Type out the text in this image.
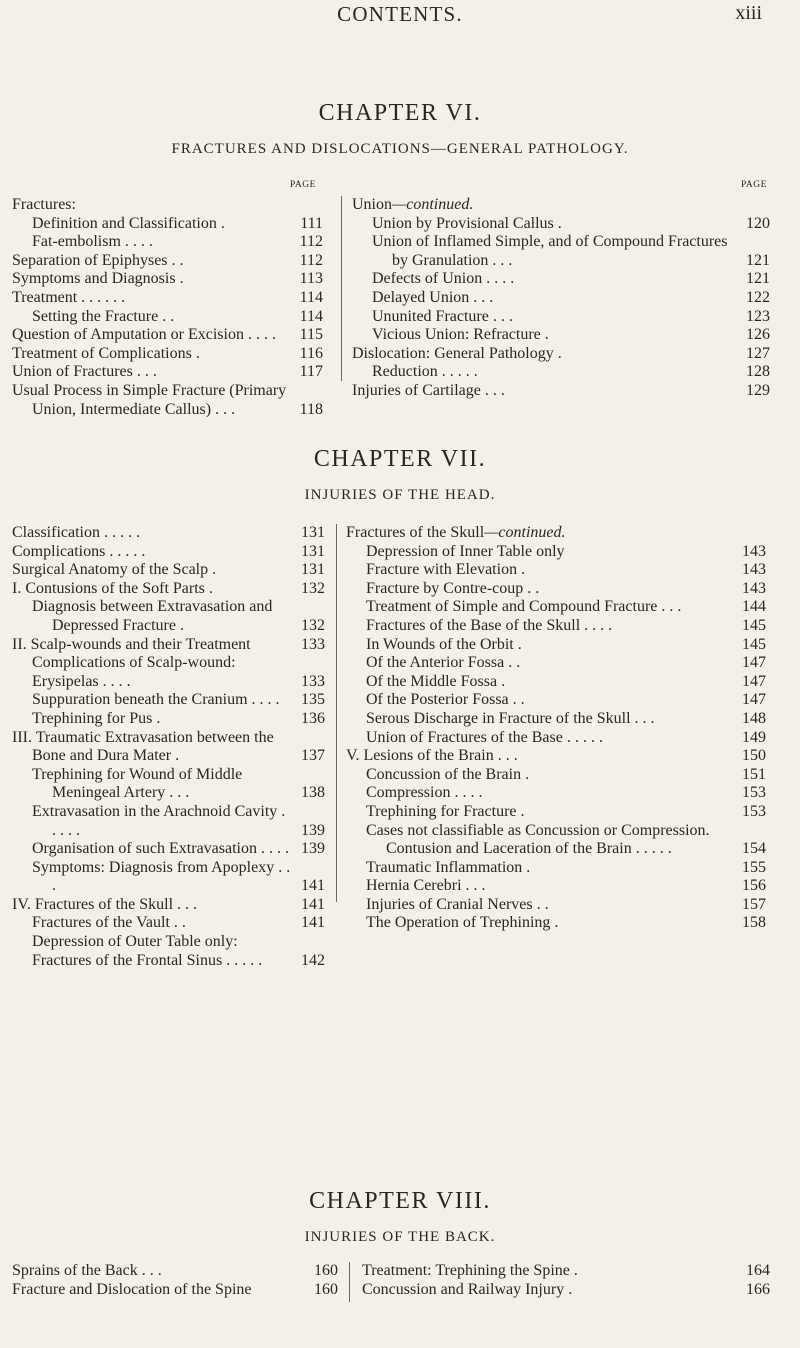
CONTENTS.	xiii
CHAPTER VI.
FRACTURES AND DISLOCATIONS—GENERAL PATHOLOGY.
PAGE	PAGE
Fractures:
Definition and Classification .	111
Fat-embolism . . . .	112
Separation of Epiphyses . .	112
Symptoms and Diagnosis .	113
Treatment . . . . . .	114
Setting the Fracture . .	114
Question of Amputation or Excision . . . .	115
Treatment of Complications .	116
Union of Fractures . . .	117
Usual Process in Simple Fracture (Primary Union, Intermediate Callus) . . .	118
Union—continued.
Union by Provisional Callus .	120
Union of Inflamed Simple, and of Compound Fractures by Granulation . . .	121
Defects of Union . . . .	121
Delayed Union . . .	122
Ununited Fracture . . .	123
Vicious Union: Refracture .	126
Dislocation: General Pathology .	127
Reduction . . . . .	128
Injuries of Cartilage . . .	129
CHAPTER VII.
INJURIES OF THE HEAD.
Classification . . . . .	131
Complications . . . . .	131
Surgical Anatomy of the Scalp .	131
I. Contusions of the Soft Parts .	132
Diagnosis between Extravasation and Depressed Fracture .	132
II. Scalp-wounds and their Treatment	133
Complications of Scalp-wound:
Erysipelas . . . .	133
Suppuration beneath the Cranium . . . .	135
Trephining for Pus .	136
III. Traumatic Extravasation between the Bone and Dura Mater .	137
Trephining for Wound of Middle Meningeal Artery . . .	138
Extravasation in the Arachnoid Cavity . . . . .	139
Organisation of such Extravasation . . . . 139
Symptoms: Diagnosis from Apoplexy . . .	141
IV. Fractures of the Skull . . .	141
Fractures of the Vault . .	141
Depression of Outer Table only:
Fractures of the Frontal Sinus . . . . .	142
Fractures of the Skull—continued.
Depression of Inner Table only	143
Fracture with Elevation .	143
Fracture by Contre-coup . .	143
Treatment of Simple and Compound Fracture . . .	144
Fractures of the Base of the Skull . . . .	145
In Wounds of the Orbit .	145
Of the Anterior Fossa . .	147
Of the Middle Fossa .	147
Of the Posterior Fossa . .	147
Serous Discharge in Fracture of the Skull . . .	148
Union of Fractures of the Base . . . . .	149
V. Lesions of the Brain . . .	150
Concussion of the Brain .	151
Compression . . . .	153
Trephining for Fracture .	153
Cases not classifiable as Concussion or Compression. Contusion and Laceration of the Brain . . . . .	154
Traumatic Inflammation .	155
Hernia Cerebri . . .	156
Injuries of Cranial Nerves . .	157
The Operation of Trephining .	158
CHAPTER VIII.
INJURIES OF THE BACK.
Sprains of the Back . . .	160
Fracture and Dislocation of the Spine	160
Treatment: Trephining the Spine .	164
Concussion and Railway Injury .	166
